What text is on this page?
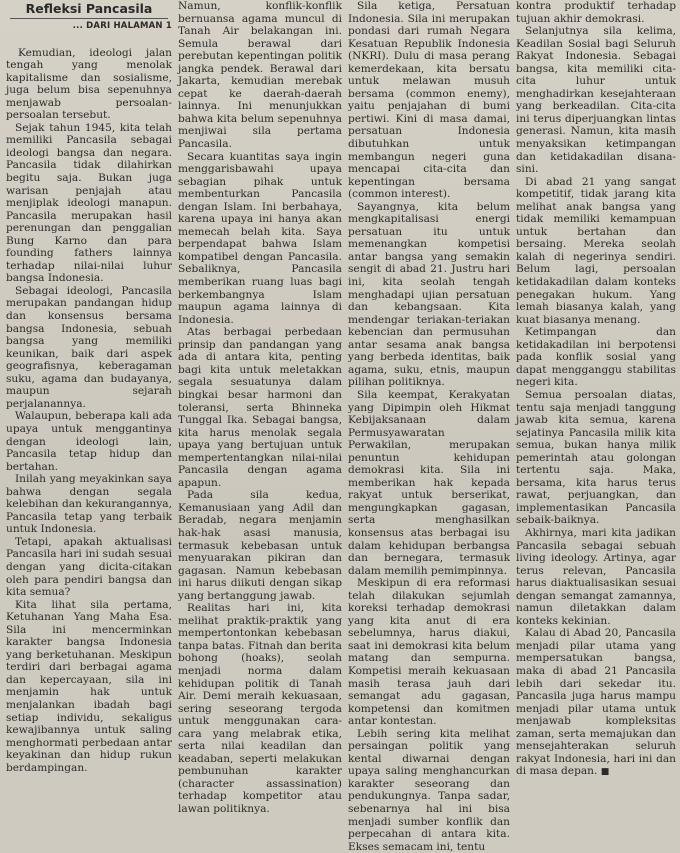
Refleksi Pancasila
... DARI HALAMAN 1

Kemudian, ideologi jalan tengah yang menolak kapitalisme dan sosialisme, juga belum bisa sepenuhnya menjawab persoalan-persoalan tersebut.

Sejak tahun 1945, kita telah memiliki Pancasila sebagai ideologi bangsa dan negara. Pancasila tidak dilahirkan begitu saja. Bukan juga warisan penjajah atau menjiplak ideologi manapun. Pancasila merupakan hasil perenungan dan penggalian Bung Karno dan para founding fathers lainnya terhadap nilai-nilai luhur bangsa Indonesia.

Sebagai ideologi, Pancasila merupakan pandangan hidup dan konsensus bersama bangsa Indonesia, sebuah bangsa yang memiliki keunikan, baik dari aspek geografisnya, keberagaman suku, agama dan budayanya, maupun sejarah perjalanannya.

Walaupun, beberapa kali ada upaya untuk menggantinya dengan ideologi lain, Pancasila tetap hidup dan bertahan.

Inilah yang meyakinkan saya bahwa dengan segala kelebihan dan kekurangannya, Pancasila tetap yang terbaik untuk Indonesia.

Tetapi, apakah aktualisasi Pancasila hari ini sudah sesuai dengan yang dicita-citakan oleh para pendiri bangsa dan kita semua?

Kita lihat sila pertama, Ketuhanan Yang Maha Esa. Sila ini mencerminkan karakter bangsa Indonesia yang berketuhanan. Meskipun terdiri dari berbagai agama dan kepercayaan, sila ini menjamin hak untuk menjalankan ibadah bagi setiap individu, sekaligus kewajibannya untuk saling menghormati perbedaan antar keyakinan dan hidup rukun berdampingan.

Namun, konflik-konflik bernuansa agama muncul di Tanah Air belakangan ini. Semula berawal dari perebutan kepentingan politik jangka pendek. Berawal dari Jakarta, kemudian merebak cepat ke daerah-daerah lainnya. Ini menunjukkan bahwa kita belum sepenuhnya menjiwai sila pertama Pancasila.

Secara kuantitas saya ingin menggarisbawahi upaya sebagian pihak untuk membenturkan Pancasila dengan Islam. Ini berbahaya, karena upaya ini hanya akan memecah belah kita. Saya berpendapat bahwa Islam kompatibel dengan Pancasila. Sebaliknya, Pancasila memberikan ruang luas bagi berkembangnya Islam maupun agama lainnya di Indonesia.

Atas berbagai perbedaan prinsip dan pandangan yang ada di antara kita, penting bagi kita untuk meletakkan segala sesuatunya dalam bingkai besar harmoni dan toleransi, serta Bhinneka Tunggal Ika. Sebagai bangsa, kita harus menolak segala upaya yang bertujuan untuk mempertentangkan nilai-nilai Pancasila dengan agama apapun.

Pada sila kedua, Kemanusiaan yang Adil dan Beradab, negara menjamin hak-hak asasi manusia, termasuk kebebasan untuk menyuarakan pikiran dan gagasan. Namun kebebasan ini harus diikuti dengan sikap yang bertanggung jawab.

Realitas hari ini, kita melihat praktik-praktik yang mempertontonkan kebebasan tanpa batas. Fitnah dan berita bohong (hoaks), seolah menjadi norma dalam kehidupan politik di Tanah Air. Demi meraih kekuasaan, sering seseorang tergoda untuk menggunakan cara-cara yang melabrak etika, serta nilai keadilan dan keadaban, seperti melakukan pembunuhan karakter (character assassination) terhadap kompetitor atau lawan politiknya.

Sila ketiga, Persatuan Indonesia. Sila ini merupakan pondasi dari rumah Negara Kesatuan Republik Indonesia (NKRI). Dulu di masa perang kemerdekaan, kita bersatu untuk melawan musuh bersama (common enemy), yaitu penjajahan di bumi pertiwi. Kini di masa damai, persatuan Indonesia dibutuhkan untuk membangun negeri guna mencapai cita-cita dan kepentingan bersama (common interest).

Sayangnya, kita belum mengkapitalisasi energi persatuan itu untuk memenangkan kompetisi antar bangsa yang semakin sengit di abad 21. Justru hari ini, kita seolah tengah menghadapi ujian persatuan dan kebangsaan. Kita mendengar teriakan-teriakan kebencian dan permusuhan antar sesama anak bangsa yang berbeda identitas, baik agama, suku, etnis, maupun pilihan politiknya.

Sila keempat, Kerakyatan yang Dipimpin oleh Hikmat Kebijaksanaan dalam Permusyawaratan Perwakilan, merupakan penuntun kehidupan demokrasi kita. Sila ini memberikan hak kepada rakyat untuk berserikat, mengungkapkan gagasan, serta menghasilkan konsensus atas berbagai isu dalam kehidupan berbangsa dan bernegara, termasuk dalam memilih pemimpinnya.

Meskipun di era reformasi telah dilakukan sejumlah koreksi terhadap demokrasi yang kita anut di era sebelumnya, harus diakui, saat ini demokrasi kita belum matang dan sempurna. Kompetisi meraih kekuasaan masih terasa jauh dari semangat adu gagasan, kompetensi dan komitmen antar kontestan.

Lebih sering kita melihat persaingan politik yang kental diwarnai dengan upaya saling menghancurkan karakter seseorang dan pendukungnya. Tanpa sadar, sebenarnya hal ini bisa menjadi sumber konflik dan perpecahan di antara kita. Ekses semacam ini, tentu

kontra produktif terhadap tujuan akhir demokrasi.

Selanjutnya sila kelima, Keadilan Sosial bagi Seluruh Rakyat Indonesia. Sebagai bangsa, kita memiliki cita-cita luhur untuk menghadirkan kesejahteraan yang berkeadilan. Cita-cita ini terus diperjuangkan lintas generasi. Namun, kita masih menyaksikan ketimpangan dan ketidakadilan disana-sini.

Di abad 21 yang sangat kompetitif, tidak jarang kita melihat anak bangsa yang tidak memiliki kemampuan untuk bertahan dan bersaing. Mereka seolah kalah di negerinya sendiri. Belum lagi, persoalan ketidakadilan dalam konteks penegakan hukum. Yang lemah biasanya kalah, yang kuat biasanya menang.

Ketimpangan dan ketidakadilan ini berpotensi pada konflik sosial yang dapat mengganggu stabilitas negeri kita.

Semua persoalan diatas, tentu saja menjadi tanggung jawab kita semua, karena sejatinya Pancasila milik kita semua, bukan hanya milik pemerintah atau golongan tertentu saja. Maka, bersama, kita harus terus rawat, perjuangkan, dan implementasikan Pancasila sebaik-baiknya.

Akhirnya, mari kita jadikan Pancasila sebagai sebuah living ideology. Artinya, agar terus relevan, Pancasila harus diaktualisasikan sesuai dengan semangat zamannya, namun diletakkan dalam konteks kekinian.

Kalau di Abad 20, Pancasila menjadi pilar utama yang mempersatukan bangsa, maka di abad 21 Pancasila lebih dari sekedar itu. Pancasila juga harus mampu menjadi pilar utama untuk menjawab kompleksitas zaman, serta memajukan dan mensejahterakan seluruh rakyat Indonesia, hari ini dan di masa depan. ■
